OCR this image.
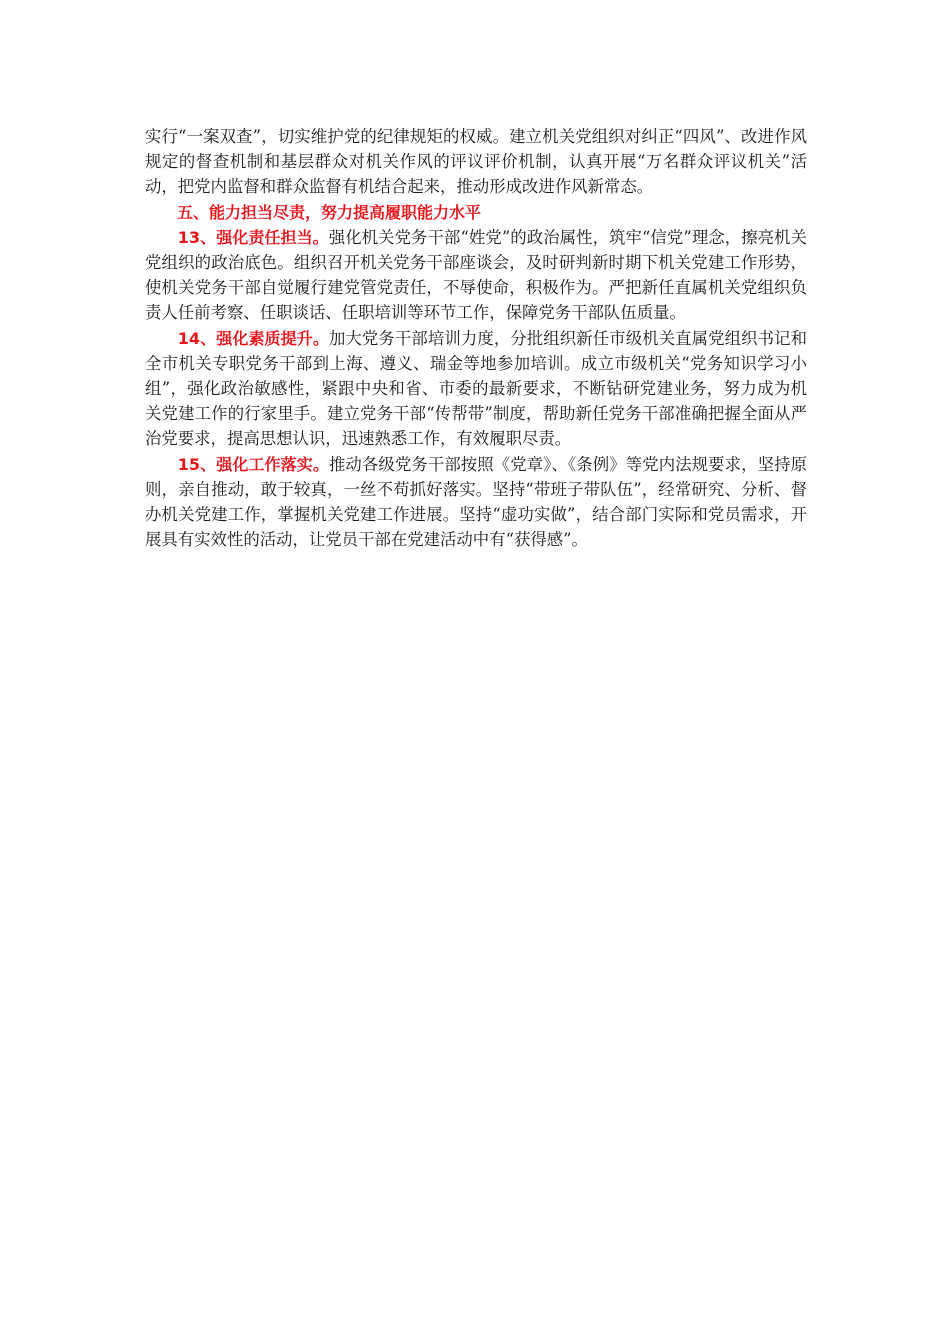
实行“一案双查”，切实维护党的纪律规矩的权威。建立机关党组织对纠正“四风”、改进作风规定的督查机制和基层群众对机关作风的评议评价机制，认真开展“万名群众评议机关”活动，把党内监督和群众监督有机结合起来，推动形成改进作风新常态。

五、能力担当尽责，努力提高履职能力水平

13、强化责任担当。强化机关党务干部“姓党”的政治属性，筑牢“信党”理念，擦亮机关党组织的政治底色。组织召开机关党务干部座谈会，及时研判新时期下机关党建工作形势，使机关党务干部自觉履行建党管党责任，不辱使命，积极作为。严把新任直属机关党组织负责人任前考察、任职谈话、任职培训等环节工作，保障党务干部队伍质量。

14、强化素质提升。加大党务干部培训力度，分批组织新任市级机关直属党组织书记和全市机关专职党务干部到上海、遵义、瑞金等地参加培训。成立市级机关“党务知识学习小组”，强化政治敏感性，紧跟中央和省、市委的最新要求，不断钻研党建业务，努力成为机关党建工作的行家里手。建立党务干部“传帮带”制度，帮助新任党务干部准确把握全面从严治党要求，提高思想认识，迅速熟悉工作，有效履职尽责。

15、强化工作落实。推动各级党务干部按照《党章》、《条例》等党内法规要求，坚持原则，亲自推动，敢于较真，一丝不苟抓好落实。坚持“带班子带队伍”，经常研究、分析、督办机关党建工作，掌握机关党建工作进展。坚持“虚功实做”，结合部门实际和党员需求，开展具有实效性的活动，让党员干部在党建活动中有“获得感”。
